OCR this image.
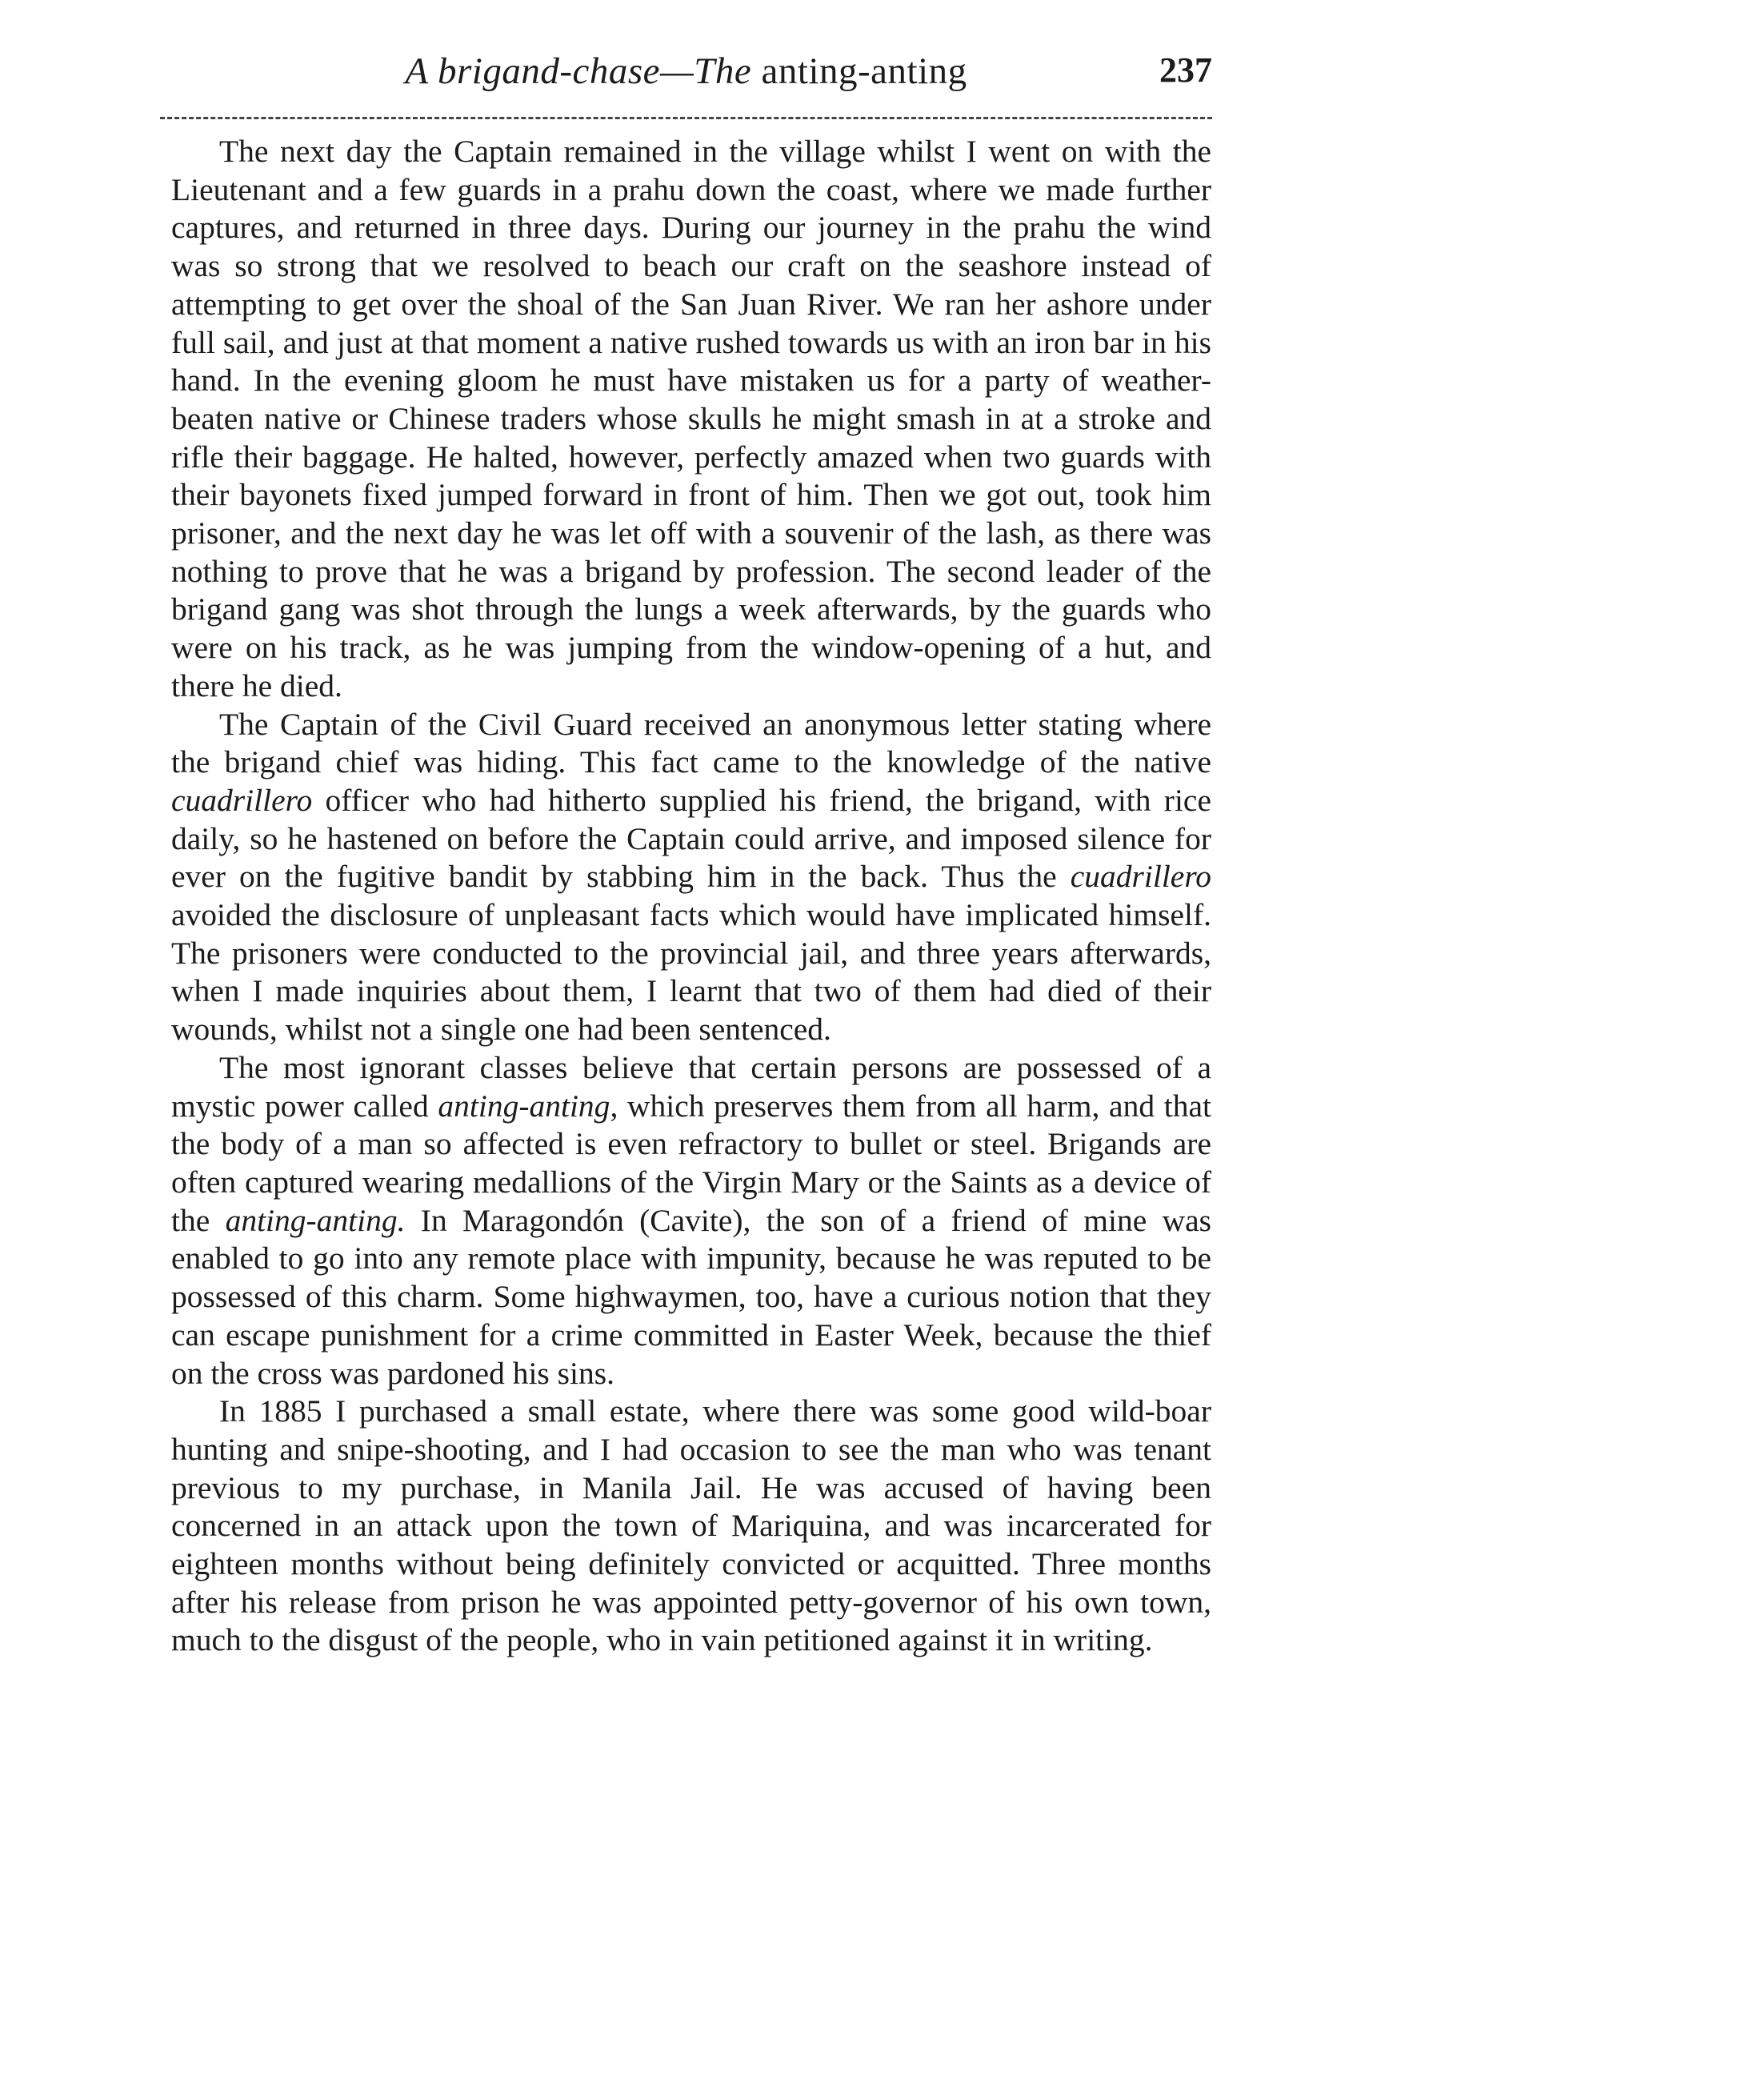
A brigand-chase—The anting-anting	237

The next day the Captain remained in the village whilst I went on with the Lieutenant and a few guards in a prahu down the coast, where we made further captures, and returned in three days. During our journey in the prahu the wind was so strong that we resolved to beach our craft on the seashore instead of attempting to get over the shoal of the San Juan River. We ran her ashore under full sail, and just at that moment a native rushed towards us with an iron bar in his hand. In the evening gloom he must have mistaken us for a party of weather-beaten native or Chinese traders whose skulls he might smash in at a stroke and rifle their baggage. He halted, however, perfectly amazed when two guards with their bayonets fixed jumped forward in front of him. Then we got out, took him prisoner, and the next day he was let off with a souvenir of the lash, as there was nothing to prove that he was a brigand by profession. The second leader of the brigand gang was shot through the lungs a week afterwards, by the guards who were on his track, as he was jumping from the window-opening of a hut, and there he died.

The Captain of the Civil Guard received an anonymous letter stating where the brigand chief was hiding. This fact came to the knowledge of the native cuadrillero officer who had hitherto supplied his friend, the brigand, with rice daily, so he hastened on before the Captain could arrive, and imposed silence for ever on the fugitive bandit by stabbing him in the back. Thus the cuadrillero avoided the disclosure of unpleasant facts which would have implicated himself. The prisoners were conducted to the provincial jail, and three years afterwards, when I made inquiries about them, I learnt that two of them had died of their wounds, whilst not a single one had been sentenced.

The most ignorant classes believe that certain persons are possessed of a mystic power called anting-anting, which preserves them from all harm, and that the body of a man so affected is even refractory to bullet or steel. Brigands are often captured wearing medallions of the Virgin Mary or the Saints as a device of the anting-anting. In Maragondón (Cavite), the son of a friend of mine was enabled to go into any remote place with impunity, because he was reputed to be possessed of this charm. Some highwaymen, too, have a curious notion that they can escape punishment for a crime committed in Easter Week, because the thief on the cross was pardoned his sins.

In 1885 I purchased a small estate, where there was some good wild-boar hunting and snipe-shooting, and I had occasion to see the man who was tenant previous to my purchase, in Manila Jail. He was accused of having been concerned in an attack upon the town of Mariquina, and was incarcerated for eighteen months without being definitely convicted or acquitted. Three months after his release from prison he was appointed petty-governor of his own town, much to the disgust of the people, who in vain petitioned against it in writing.
